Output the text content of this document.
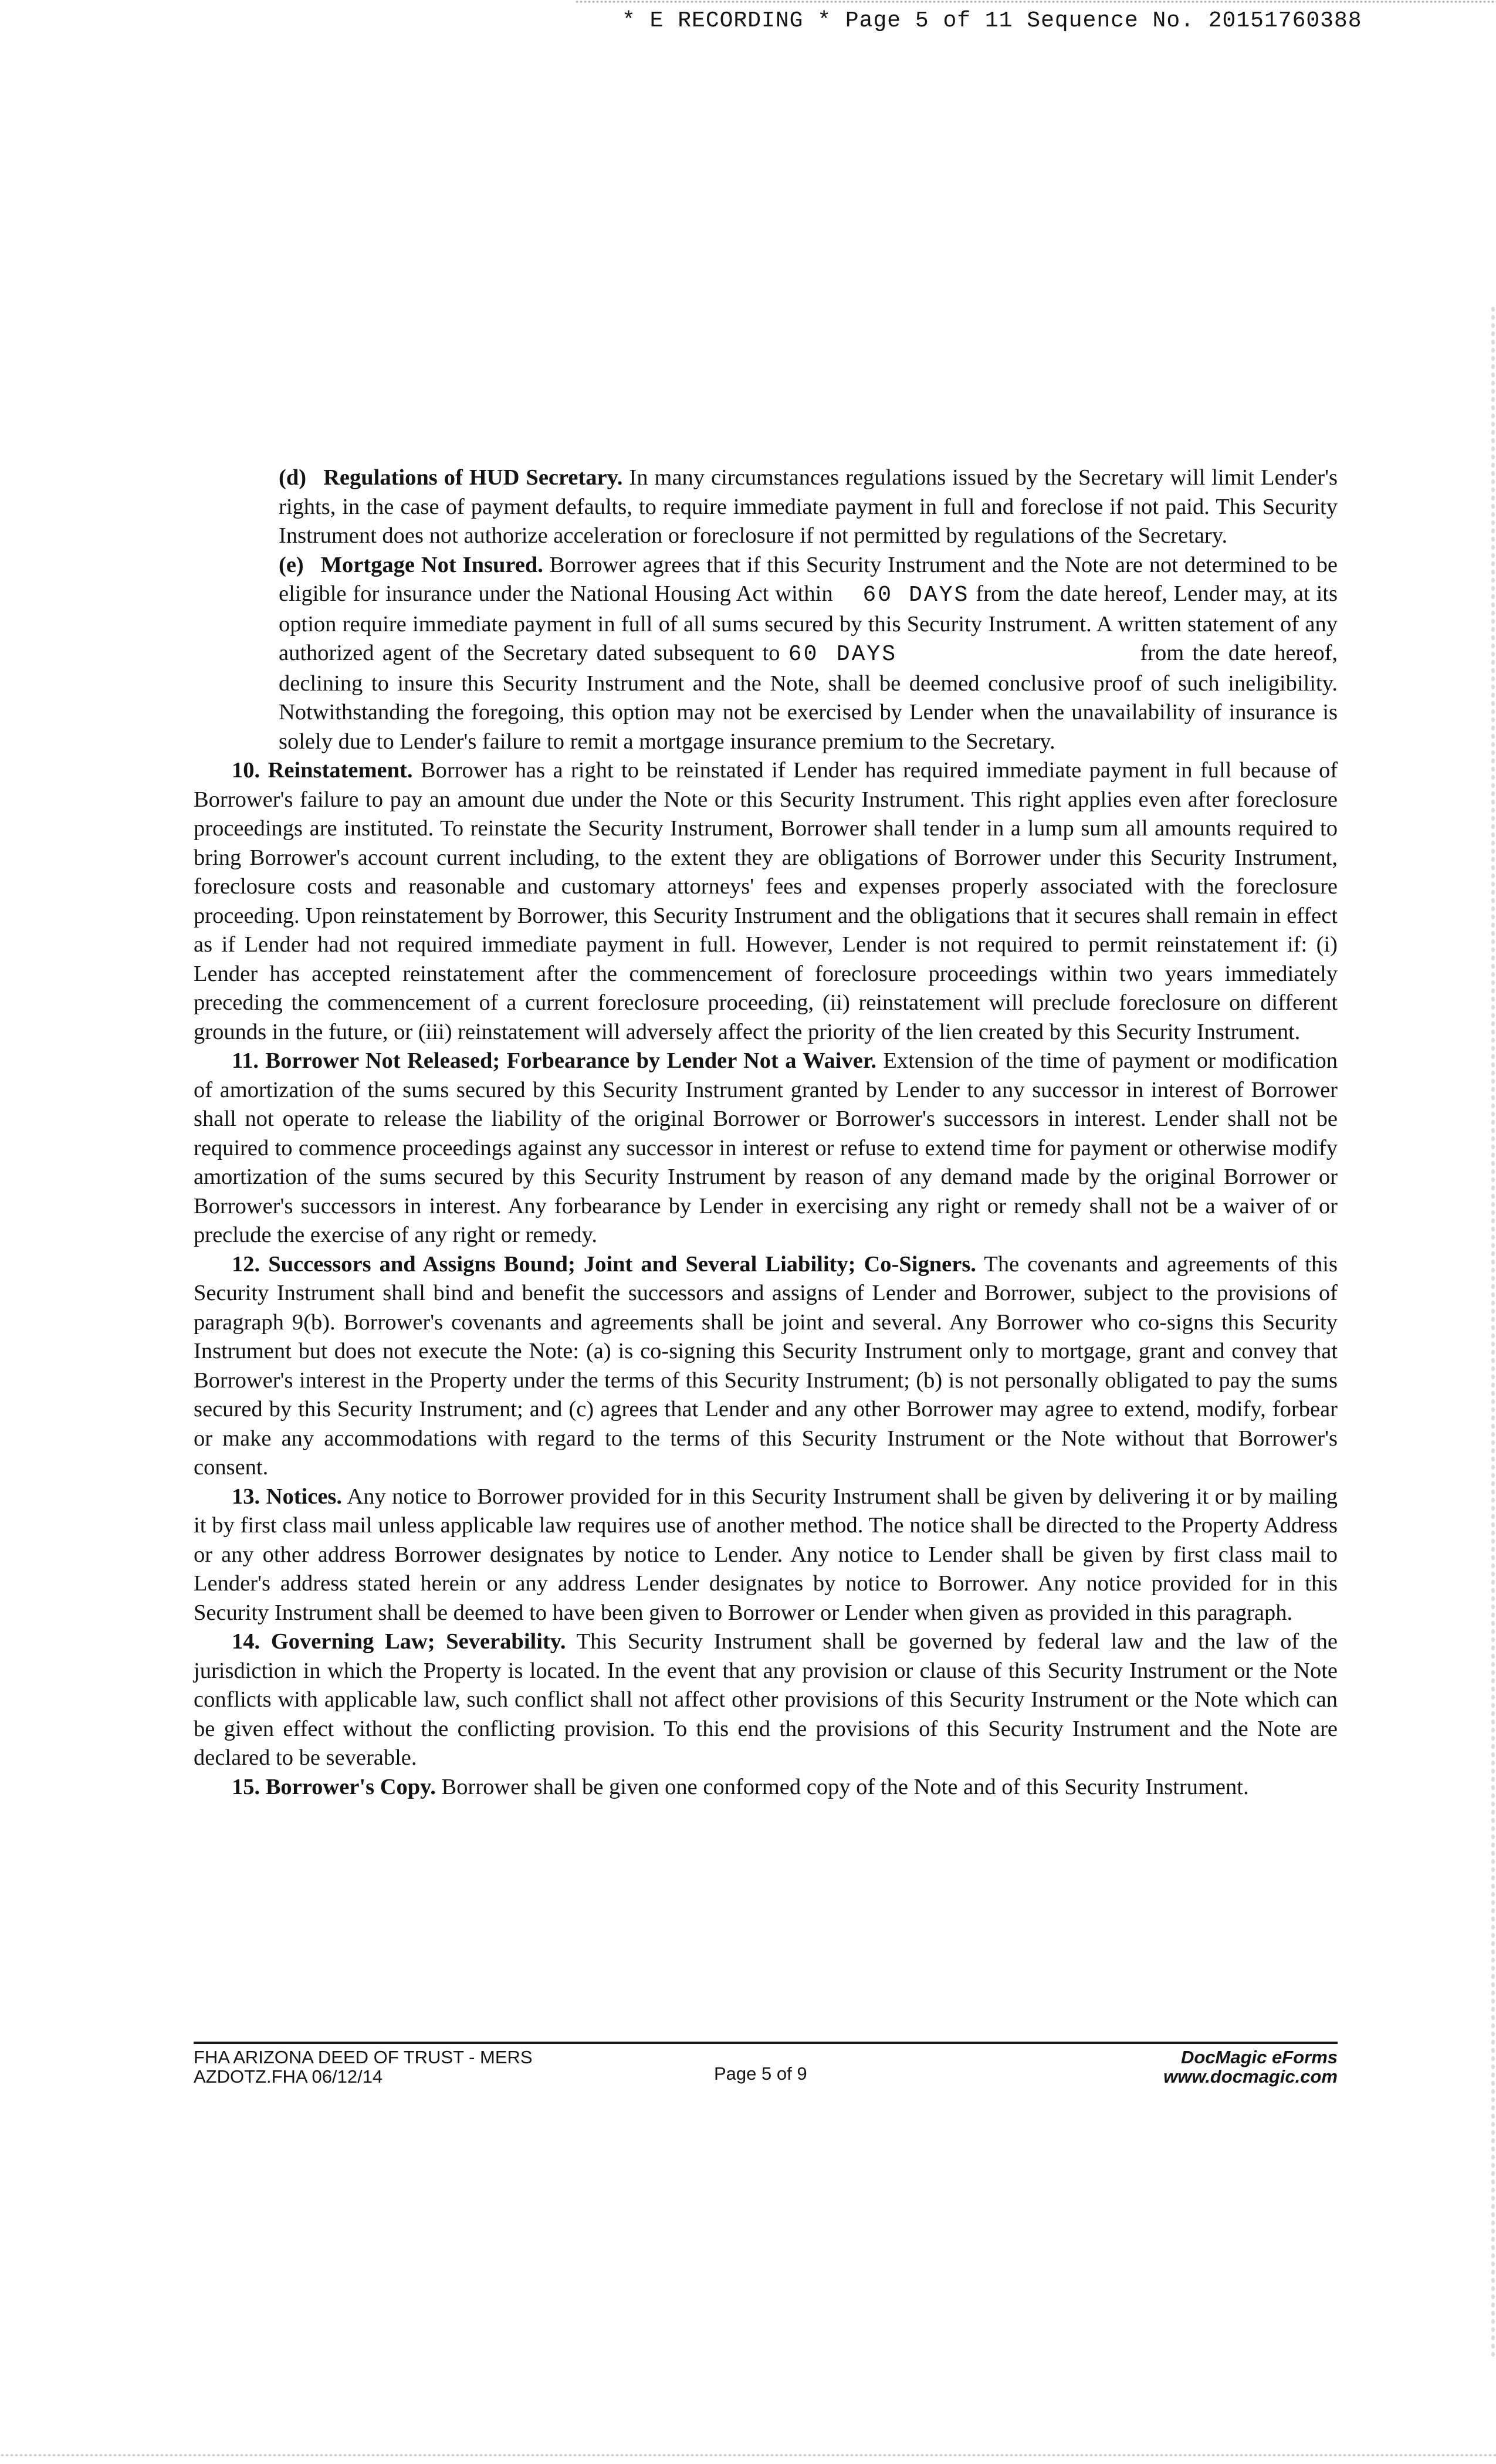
* E RECORDING * Page 5 of 11 Sequence No. 20151760388

(d) Regulations of HUD Secretary. In many circumstances regulations issued by the Secretary will limit Lender's rights, in the case of payment defaults, to require immediate payment in full and foreclose if not paid. This Security Instrument does not authorize acceleration or foreclosure if not permitted by regulations of the Secretary.

(e) Mortgage Not Insured. Borrower agrees that if this Security Instrument and the Note are not determined to be eligible for insurance under the National Housing Act within 60 DAYS from the date hereof, Lender may, at its option require immediate payment in full of all sums secured by this Security Instrument. A written statement of any authorized agent of the Secretary dated subsequent to 60 DAYS	from the date hereof, declining to insure this Security Instrument and the Note, shall be deemed conclusive proof of such ineligibility. Notwithstanding the foregoing, this option may not be exercised by Lender when the unavailability of insurance is solely due to Lender's failure to remit a mortgage insurance premium to the Secretary.

10. Reinstatement. Borrower has a right to be reinstated if Lender has required immediate payment in full because of Borrower's failure to pay an amount due under the Note or this Security Instrument. This right applies even after foreclosure proceedings are instituted. To reinstate the Security Instrument, Borrower shall tender in a lump sum all amounts required to bring Borrower's account current including, to the extent they are obligations of Borrower under this Security Instrument, foreclosure costs and reasonable and customary attorneys' fees and expenses properly associated with the foreclosure proceeding. Upon reinstatement by Borrower, this Security Instrument and the obligations that it secures shall remain in effect as if Lender had not required immediate payment in full. However, Lender is not required to permit reinstatement if: (i) Lender has accepted reinstatement after the commencement of foreclosure proceedings within two years immediately preceding the commencement of a current foreclosure proceeding, (ii) reinstatement will preclude foreclosure on different grounds in the future, or (iii) reinstatement will adversely affect the priority of the lien created by this Security Instrument.

11. Borrower Not Released; Forbearance by Lender Not a Waiver. Extension of the time of payment or modification of amortization of the sums secured by this Security Instrument granted by Lender to any successor in interest of Borrower shall not operate to release the liability of the original Borrower or Borrower's successors in interest. Lender shall not be required to commence proceedings against any successor in interest or refuse to extend time for payment or otherwise modify amortization of the sums secured by this Security Instrument by reason of any demand made by the original Borrower or Borrower's successors in interest. Any forbearance by Lender in exercising any right or remedy shall not be a waiver of or preclude the exercise of any right or remedy.

12. Successors and Assigns Bound; Joint and Several Liability; Co-Signers. The covenants and agreements of this Security Instrument shall bind and benefit the successors and assigns of Lender and Borrower, subject to the provisions of paragraph 9(b). Borrower's covenants and agreements shall be joint and several. Any Borrower who co-signs this Security Instrument but does not execute the Note: (a) is co-signing this Security Instrument only to mortgage, grant and convey that Borrower's interest in the Property under the terms of this Security Instrument; (b) is not personally obligated to pay the sums secured by this Security Instrument; and (c) agrees that Lender and any other Borrower may agree to extend, modify, forbear or make any accommodations with regard to the terms of this Security Instrument or the Note without that Borrower's consent.

13. Notices. Any notice to Borrower provided for in this Security Instrument shall be given by delivering it or by mailing it by first class mail unless applicable law requires use of another method. The notice shall be directed to the Property Address or any other address Borrower designates by notice to Lender. Any notice to Lender shall be given by first class mail to Lender's address stated herein or any address Lender designates by notice to Borrower. Any notice provided for in this Security Instrument shall be deemed to have been given to Borrower or Lender when given as provided in this paragraph.

14. Governing Law; Severability. This Security Instrument shall be governed by federal law and the law of the jurisdiction in which the Property is located. In the event that any provision or clause of this Security Instrument or the Note conflicts with applicable law, such conflict shall not affect other provisions of this Security Instrument or the Note which can be given effect without the conflicting provision. To this end the provisions of this Security Instrument and the Note are declared to be severable.

15. Borrower's Copy. Borrower shall be given one conformed copy of the Note and of this Security Instrument.

FHA ARIZONA DEED OF TRUST - MERS
AZDOTZ.FHA 06/12/14	Page 5 of 9
DocMagic eForms
www.docmagic.com
